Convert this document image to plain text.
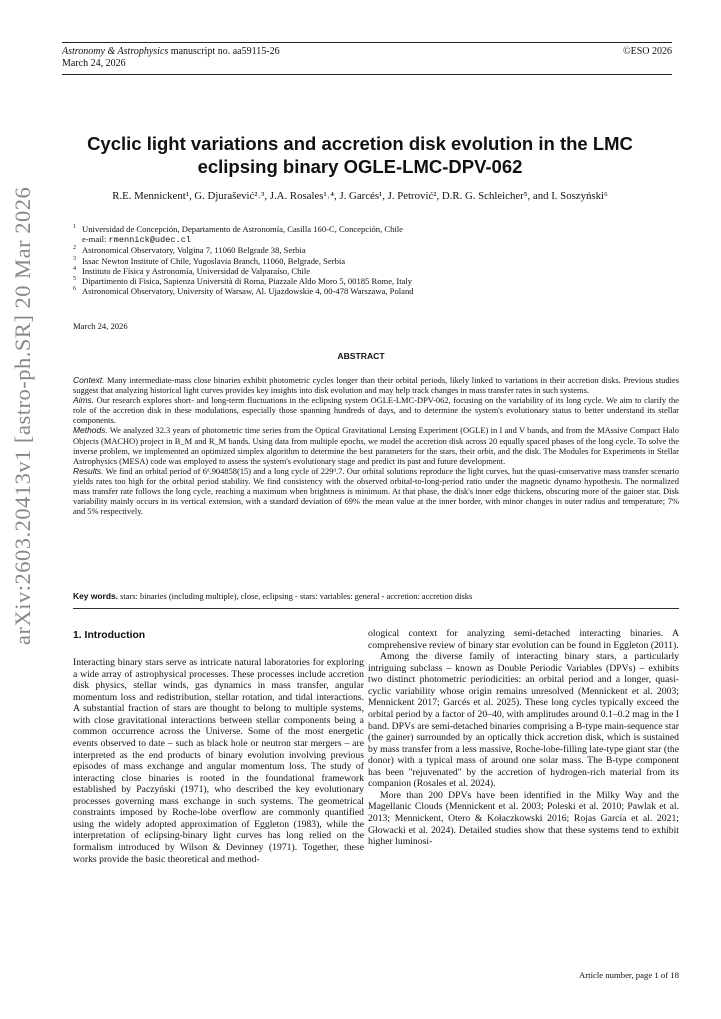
Astronomy & Astrophysics manuscript no. aa59115-26
March 24, 2026
©ESO 2026
arXiv:2603.20413v1 [astro-ph.SR] 20 Mar 2026
Cyclic light variations and accretion disk evolution in the LMC
eclipsing binary OGLE-LMC-DPV-062
R.E. Mennickent¹, G. Djurašević²˒³, J.A. Rosales¹˒⁴, J. Garcés¹, J. Petrović², D.R. G. Schleicher⁵, and I. Soszyński⁶
1 Universidad de Concepción, Departamento de Astronomía, Casilla 160-C, Concepción, Chile
e-mail: rmennick@udec.cl
2 Astronomical Observatory, Volgina 7, 11060 Belgrade 38, Serbia
3 Issac Newton Institute of Chile, Yugoslavia Branch, 11060, Belgrade, Serbia
4 Instituto de Física y Astronomía, Universidad de Valparaíso, Chile
5 Dipartimento di Fisica, Sapienza Università di Roma, Piazzale Aldo Moro 5, 00185 Rome, Italy
6 Astronomical Observatory, University of Warsaw, Al. Ujazdowskie 4, 00-478 Warszawa, Poland
March 24, 2026
ABSTRACT

Context. Many intermediate-mass close binaries exhibit photometric cycles longer than their orbital periods, likely linked to variations in their accretion disks. Previous studies suggest that analyzing historical light curves provides key insights into disk evolution and may help track changes in mass transfer rates in such systems.

Aims. Our research explores short- and long-term fluctuations in the eclipsing system OGLE-LMC-DPV-062, focusing on the variability of its long cycle. We aim to clarify the role of the accretion disk in these modulations, especially those spanning hundreds of days, and to determine the system's evolutionary status to better understand its stellar components.

Methods. We analyzed 32.3 years of photometric time series from the Optical Gravitational Lensing Experiment (OGLE) in I and V bands, and from the MAssive Compact Halo Objects (MACHO) project in B_M and R_M bands. Using data from multiple epochs, we model the accretion disk across 20 equally spaced phases of the long cycle. To solve the inverse problem, we implemented an optimized simplex algorithm to determine the best parameters for the stars, their orbit, and the disk. The Modules for Experiments in Stellar Astrophysics (MESA) code was employed to assess the system's evolutionary stage and predict its past and future development.

Results. We find an orbital period of 6ᵈ.904858(15) and a long cycle of 229ᵈ.7. Our orbital solutions reproduce the light curves, but the quasi-conservative mass transfer scenario yields rates too high for the orbital period stability. We find consistency with the observed orbital-to-long-period ratio under the magnetic dynamo hypothesis. The normalized mass transfer rate follows the long cycle, reaching a maximum when brightness is minimum. At that phase, the disk's inner edge thickens, obscuring more of the gainer star. Disk variability mainly occurs in its vertical extension, with a standard deviation of 69% the mean value at the inner border, with minor changes in outer radius and temperature; 7% and 5% respectively.

Key words. stars: binaries (including multiple), close, eclipsing - stars: variables: general - accretion: accretion disks
1. Introduction

Interacting binary stars serve as intricate natural laboratories for exploring a wide array of astrophysical processes. These processes include accretion disk physics, stellar winds, gas dynamics in mass transfer, angular momentum loss and redistribution, stellar rotation, and tidal interactions. A substantial fraction of stars are thought to belong to multiple systems, with close gravitational interactions between stellar components being a common occurrence across the Universe. Some of the most energetic events observed to date – such as black hole or neutron star mergers – are interpreted as the end products of binary evolution involving previous episodes of mass exchange and angular momentum loss. The study of interacting close binaries is rooted in the foundational framework established by Paczyński (1971), who described the key evolutionary processes governing mass exchange in such systems. The geometrical constraints imposed by Roche-lobe overflow are commonly quantified using the widely adopted approximation of Eggleton (1983), while the interpretation of eclipsing-binary light curves has long relied on the formalism introduced by Wilson & Devinney (1971). Together, these works provide the basic theoretical and method-

ological context for analyzing semi-detached interacting binaries. A comprehensive review of binary star evolution can be found in Eggleton (2011).

Among the diverse family of interacting binary stars, a particularly intriguing subclass – known as Double Periodic Variables (DPVs) – exhibits two distinct photometric periodicities: an orbital period and a longer, quasi-cyclic variability whose origin remains unresolved (Mennickent et al. 2003; Mennickent 2017; Garcés et al. 2025). These long cycles typically exceed the orbital period by a factor of 20–40, with amplitudes around 0.1–0.2 mag in the I band. DPVs are semi-detached binaries comprising a B-type main-sequence star (the gainer) surrounded by an optically thick accretion disk, which is sustained by mass transfer from a less massive, Roche-lobe-filling late-type giant star (the donor) with a typical mass of around one solar mass. The B-type component has been "rejuvenated" by the accretion of hydrogen-rich material from its companion (Rosales et al. 2024).

More than 200 DPVs have been identified in the Milky Way and the Magellanic Clouds (Mennickent et al. 2003; Poleski et al. 2010; Pawlak et al. 2013; Mennickent, Otero & Kołaczkowski 2016; Rojas García et al. 2021; Głowacki et al. 2024). Detailed studies show that these systems tend to exhibit higher luminosi-

Article number, page 1 of 18
